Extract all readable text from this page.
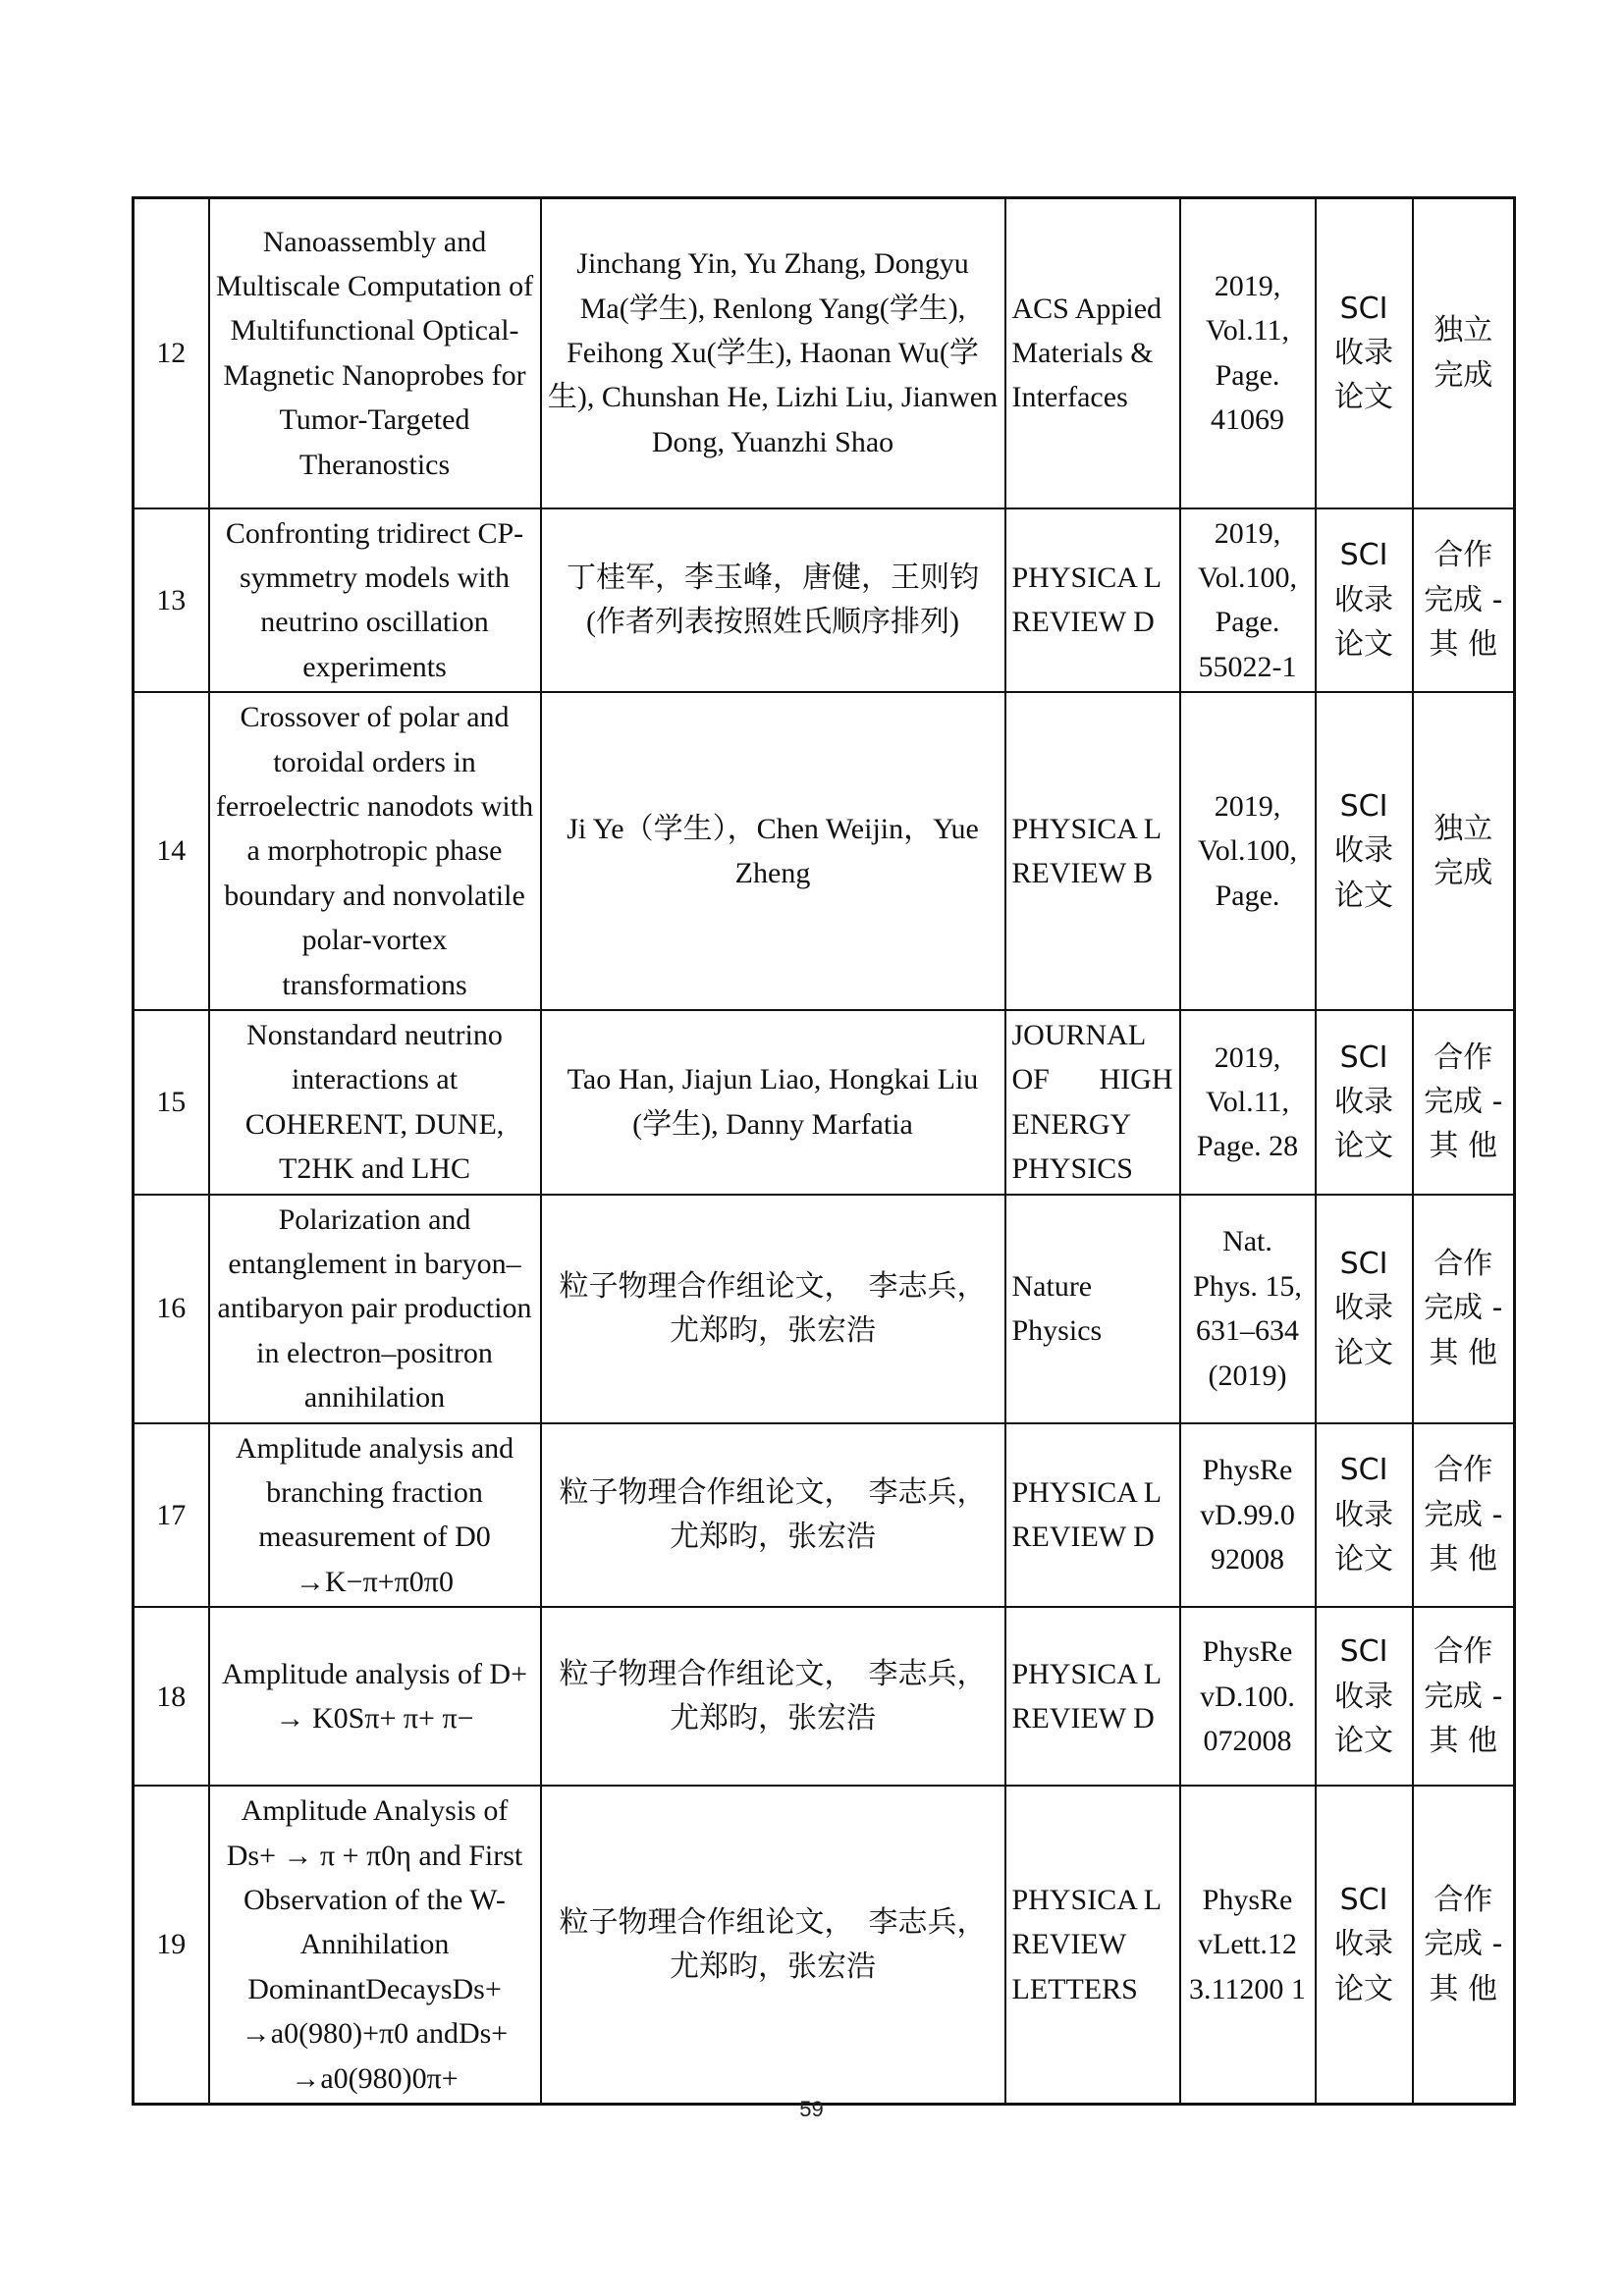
12	Nanoassembly and Multiscale Computation of Multifunctional Optical-Magnetic Nanoprobes for Tumor-Targeted Theranostics	Jinchang Yin, Yu Zhang, Dongyu Ma(学生), Renlong Yang(学生), Feihong Xu(学生), Haonan Wu(学生), Chunshan He, Lizhi Liu, Jianwen Dong, Yuanzhi Shao	ACS Appied Materials & Interfaces	2019, Vol.11, Page. 41069	SCI 收录 论文	独立 完成
13	Confronting tridirect CP-symmetry models with neutrino oscillation experiments	丁桂军，李玉峰，唐健，王则钧(作者列表按照姓氏顺序排列)	PHYSICA L REVIEW D	2019, Vol.100, Page. 55022-1	SCI 收录 论文	合作 完成 -其 他
14	Crossover of polar and toroidal orders in ferroelectric nanodots with a morphotropic phase boundary and nonvolatile polar-vortex transformations	Ji Ye（学生），Chen Weijin，Yue Zheng	PHYSICA L REVIEW B	2019, Vol.100, Page.	SCI 收录 论文	独立 完成
15	Nonstandard neutrino interactions at COHERENT, DUNE, T2HK and LHC	Tao Han, Jiajun Liao, Hongkai Liu (学生), Danny Marfatia	JOURNAL OF HIGH ENERGY PHYSICS	2019, Vol.11, Page. 28	SCI 收录 论文	合作 完成 -其 他
16	Polarization and entanglement in baryon–antibaryon pair production in electron–positron annihilation	粒子物理合作组论文，　李志兵，尤郑昀，张宏浩	Nature Physics	Nat. Phys. 15, 631–634 (2019)	SCI 收录 论文	合作 完成 -其 他
17	Amplitude analysis and branching fraction measurement of D0 →K−π+π0π0	粒子物理合作组论文，　李志兵，尤郑昀，张宏浩	PHYSICA L REVIEW D	PhysRe vD.99.0 92008	SCI 收录 论文	合作 完成 -其 他
18	Amplitude analysis of D+ → K0Sπ+ π+ π−	粒子物理合作组论文，　李志兵，尤郑昀，张宏浩	PHYSICA L REVIEW D	PhysRe vD.100. 072008	SCI 收录 论文	合作 完成 -其 他
19	Amplitude Analysis of Ds+ → π + π0η and First Observation of the W-Annihilation DominantDecaysDs+ →a0(980)+π0 andDs+ →a0(980)0π+	粒子物理合作组论文，　李志兵，尤郑昀，张宏浩	PHYSICA L REVIEW LETTERS	PhysRe vLett.12 3.11200 1	SCI 收录 论文	合作 完成 -其 他
59
